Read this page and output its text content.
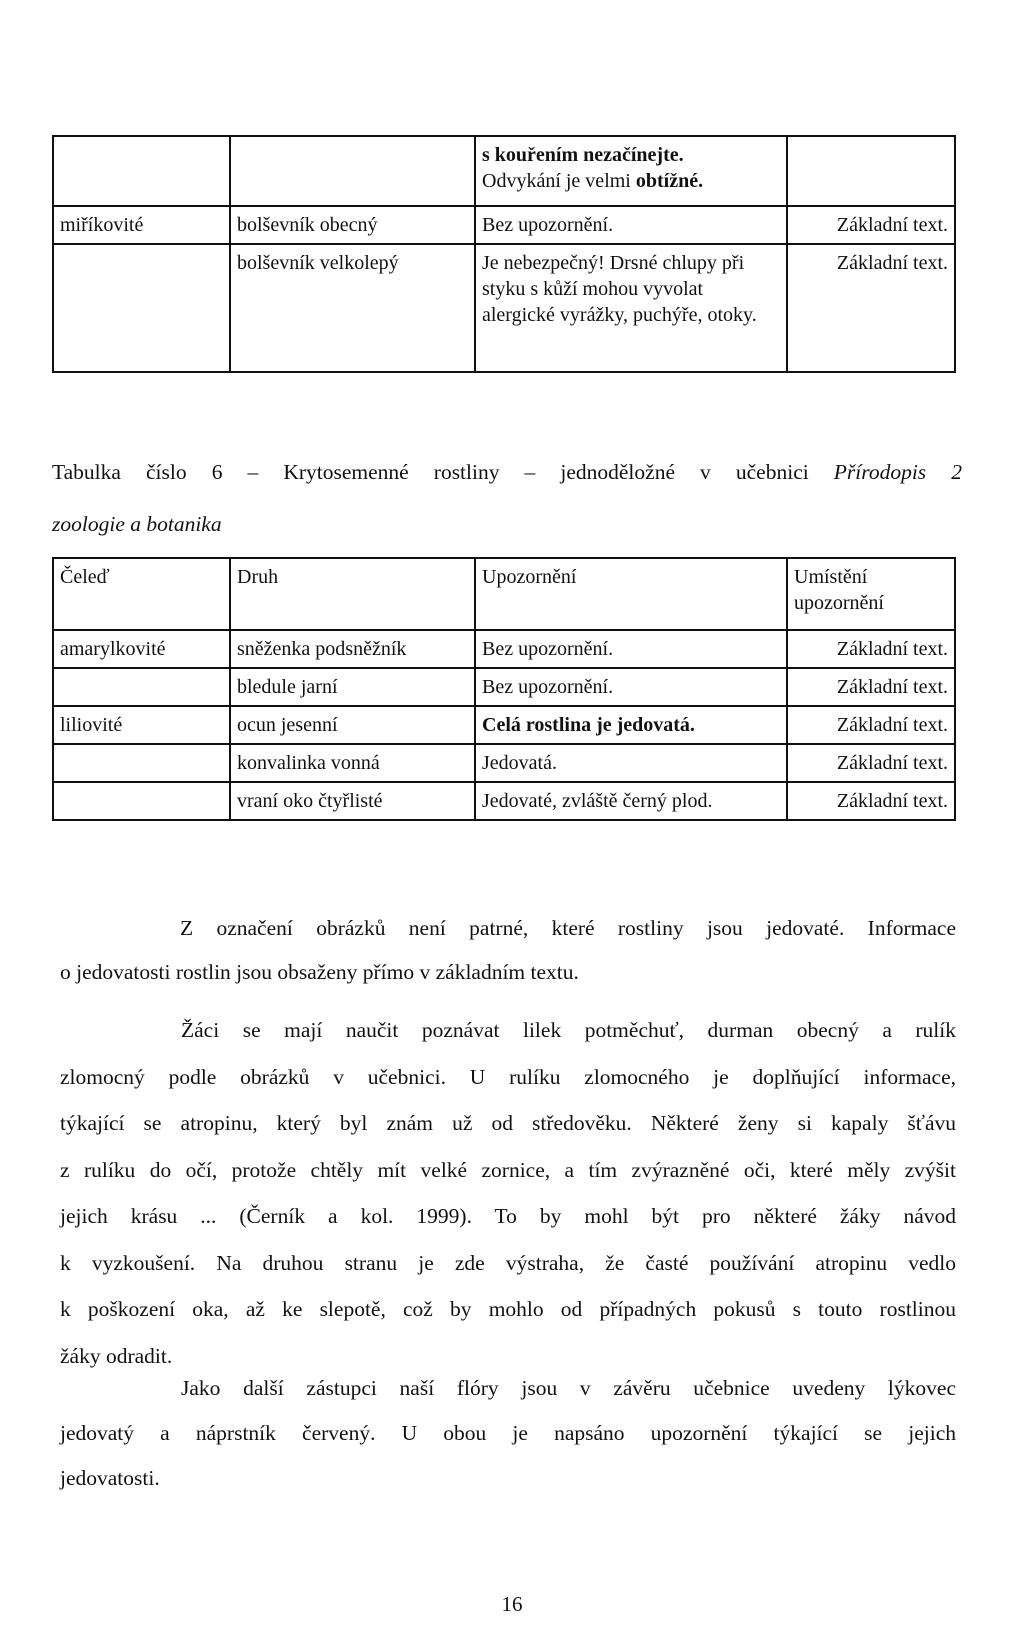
		s kouřením nezačínejte.
Odvykání je velmi obtížné.	

miříkovité	bolševník obecný	Bez upozornění.	Základní text.
	bolševník velkolepý	Je nebezpečný! Drsné chlupy při styku s kůží mohou vyvolat alergické vyrážky, puchýře, otoky.	Základní text.

Tabulka číslo 6 – Krytosemenné rostliny – jednoděložné v učebnici Přírodopis 2
zoologie a botanika

Čeleď	Druh	Upozornění	Umístění upozornění
amarylkovité	sněženka podsněžník	Bez upozornění.	Základní text.
	bledule jarní	Bez upozornění.	Základní text.
liliovité	ocun jesenní	Celá rostlina je jedovatá.	Základní text.
	konvalinka vonná	Jedovatá.	Základní text.
	vraní oko čtyřlisté	Jedovaté, zvláště černý plod.	Základní text.
Z označení obrázků není patrné, které rostliny jsou jedovaté. Informace
o jedovatosti rostlin jsou obsaženy přímo v základním textu.
Žáci se mají naučit poznávat lilek potměchuť, durman obecný a rulík
zlomocný podle obrázků v učebnici. U rulíku zlomocného je doplňující informace,
týkající se atropinu, který byl znám už od středověku. Některé ženy si kapaly šťávu
z rulíku do očí, protože chtěly mít velké zornice, a tím zvýrazněné oči, které měly zvýšit
jejich krásu ... (Černík a kol. 1999). To by mohl být pro některé žáky návod
k vyzkoušení. Na druhou stranu je zde výstraha, že časté používání atropinu vedlo
k poškození oka, až ke slepotě, což by mohlo od případných pokusů s touto rostlinou
žáky odradit.
Jako další zástupci naší flóry jsou v závěru učebnice uvedeny lýkovec
jedovatý a náprstník červený. U obou je napsáno upozornění týkající se jejich
jedovatosti.
16
